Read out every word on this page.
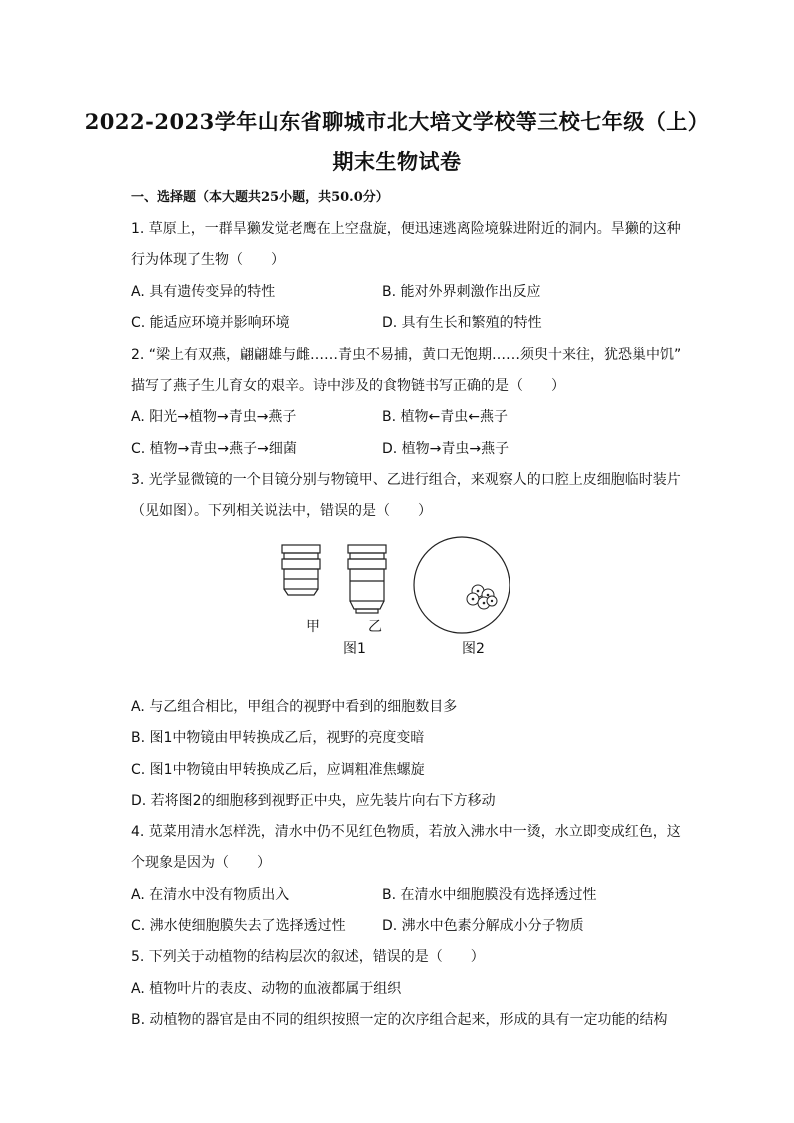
2022-2023学年山东省聊城市北大培文学校等三校七年级（上）
期末生物试卷
一、选择题（本大题共25小题，共50.0分）
1. 草原上，一群旱獭发觉老鹰在上空盘旋，便迅速逃离险境躲进附近的洞内。旱獭的这种
行为体现了生物（　　）
A. 具有遗传变异的特性	B. 能对外界刺激作出反应
C. 能适应环境并影响环境	D. 具有生长和繁殖的特性
2. “梁上有双燕，翩翩雄与雌……青虫不易捕，黄口无饱期……须臾十来往，犹恐巢中饥”
描写了燕子生儿育女的艰辛。诗中涉及的食物链书写正确的是（　　）
A. 阳光→植物→青虫→燕子	B. 植物←青虫←燕子
C. 植物→青虫→燕子→细菌	D. 植物→青虫→燕子
3. 光学显微镜的一个目镜分别与物镜甲、乙进行组合，来观察人的口腔上皮细胞临时装片
（见如图）。下列相关说法中，错误的是（　　）
甲	乙
图1	图2
A. 与乙组合相比，甲组合的视野中看到的细胞数目多
B. 图1中物镜由甲转换成乙后，视野的亮度变暗
C. 图1中物镜由甲转换成乙后，应调粗准焦螺旋
D. 若将图2的细胞移到视野正中央，应先装片向右下方移动
4. 苋菜用清水怎样洗，清水中仍不见红色物质，若放入沸水中一烫，水立即变成红色，这
个现象是因为（　　）
A. 在清水中没有物质出入	B. 在清水中细胞膜没有选择透过性
C. 沸水使细胞膜失去了选择透过性	D. 沸水中色素分解成小分子物质
5. 下列关于动植物的结构层次的叙述，错误的是（　　）
A. 植物叶片的表皮、动物的血液都属于组织
B. 动植物的器官是由不同的组织按照一定的次序组合起来，形成的具有一定功能的结构
